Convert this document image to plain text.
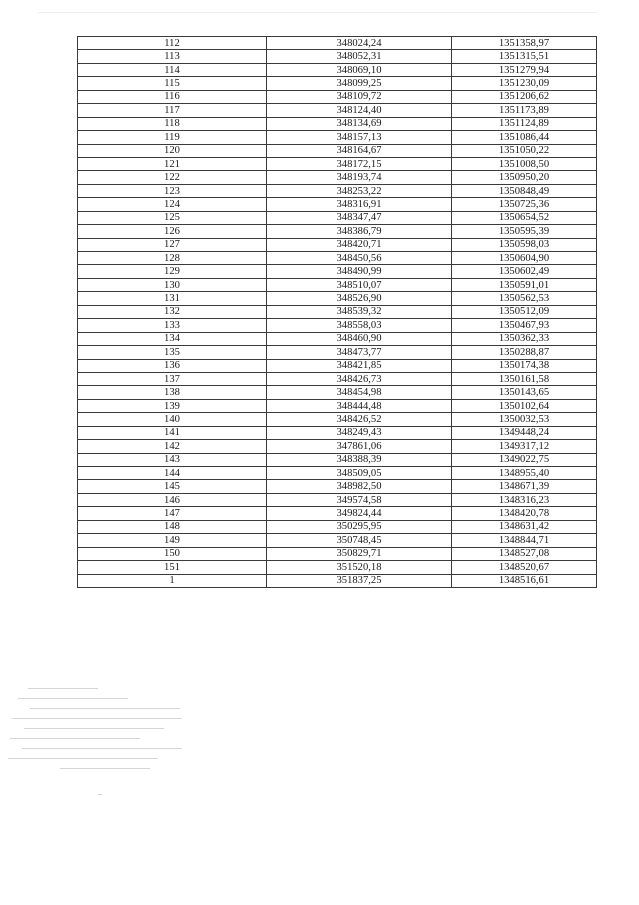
112	348024,24	1351358,97
113	348052,31	1351315,51
114	348069,10	1351279,94
115	348099,25	1351230,09
116	348109,72	1351206,62
117	348124,40	1351173,89
118	348134,69	1351124,89
119	348157,13	1351086,44
120	348164,67	1351050,22
121	348172,15	1351008,50
122	348193,74	1350950,20
123	348253,22	1350848,49
124	348316,91	1350725,36
125	348347,47	1350654,52
126	348386,79	1350595,39
127	348420,71	1350598,03
128	348450,56	1350604,90
129	348490,99	1350602,49
130	348510,07	1350591,01
131	348526,90	1350562,53
132	348539,32	1350512,09
133	348558,03	1350467,93
134	348460,90	1350362,33
135	348473,77	1350288,87
136	348421,85	1350174,38
137	348426,73	1350161,58
138	348454,98	1350143,65
139	348444,48	1350102,64
140	348426,52	1350032,53
141	348249,43	1349448,24
142	347861,06	1349317,12
143	348388,39	1349022,75
144	348509,05	1348955,40
145	348982,50	1348671,39
146	349574,58	1348316,23
147	349824,44	1348420,78
148	350295,95	1348631,42
149	350748,45	1348844,71
150	350829,71	1348527,08
151	351520,18	1348520,67
1	351837,25	1348516,61
